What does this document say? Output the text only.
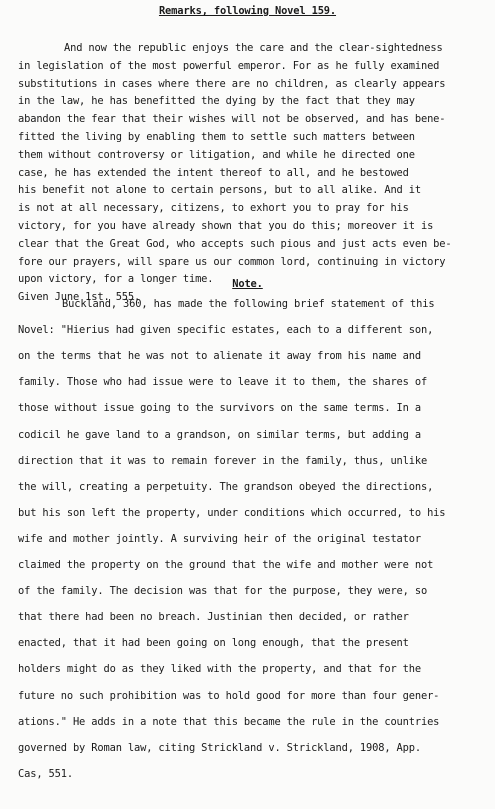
Remarks, following Novel 159.
And now the republic enjoys the care and the clear-sightedness
in legislation of the most powerful emperor. For as he fully examined
substitutions in cases where there are no children, as clearly appears
in the law, he has benefitted the dying by the fact that they may
abandon the fear that their wishes will not be observed, and has bene-
fitted the living by enabling them to settle such matters between
them without controversy or litigation, and while he directed one
case, he has extended the intent thereof to all, and he bestowed
his benefit not alone to certain persons, but to all alike. And it
is not at all necessary, citizens, to exhort you to pray for his
victory, for you have already shown that you do this; moreover it is
clear that the Great God, who accepts such pious and just acts even be-
fore our prayers, will spare us our common lord, continuing in victory
upon victory, for a longer time.
Given June 1st. 555.
Note.
Buckland, 360, has made the following brief statement of this
Novel: "Hierius had given specific estates, each to a different son,
on the terms that he was not to alienate it away from his name and
family. Those who had issue were to leave it to them, the shares of
those without issue going to the survivors on the same terms. In a
codicil he gave land to a grandson, on similar terms, but adding a
direction that it was to remain forever in the family, thus, unlike
the will, creating a perpetuity. The grandson obeyed the directions,
but his son left the property, under conditions which occurred, to his
wife and mother jointly. A surviving heir of the original testator
claimed the property on the ground that the wife and mother were not
of the family. The decision was that for the purpose, they were, so
that there had been no breach. Justinian then decided, or rather
enacted, that it had been going on long enough, that the present
holders might do as they liked with the property, and that for the
future no such prohibition was to hold good for more than four gener-
ations." He adds in a note that this became the rule in the countries
governed by Roman law, citing Strickland v. Strickland, 1908, App.
Cas, 551.
